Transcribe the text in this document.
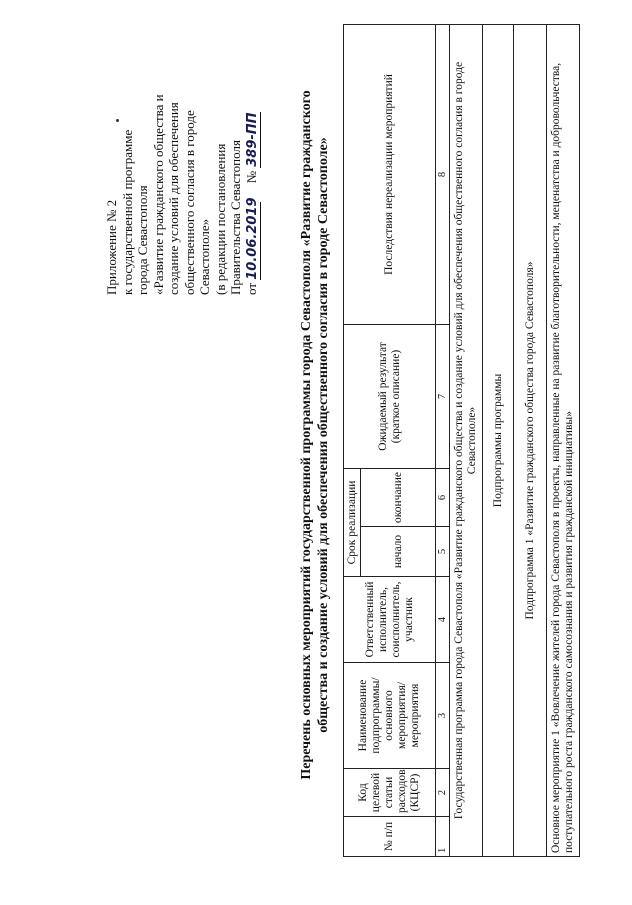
Приложение № 2 к государственной программе города Севастополя «Развитие гражданского общества и создание условий для обеспечения общественного согласия в городе Севастополе» (в редакции постановления Правительства Севастополя от 10.06.2019  № 389-ПП	Перечень основных мероприятий государственной программы города Севастополя «Развитие гражданского общества и создание условий для обеспечения общественного согласия в городе Севастополе»
№ п/п	Код целевой статьи расходов (КЦСР)	Наименование подпрограммы/основного мероприятия/мероприятия	Ответственный исполнитель, соисполнитель, участник	Срок реализации		Ожидаемый результат (краткое описание)	Последствия нереализации мероприятий
				начало	окончание		
1	2	3	4	5	6	7	8
Государственная программа города Севастополя «Развитие гражданского общества и создание условий для обеспечения общественного согласия в городе Севастополе»							
Подпрограммы программы							
Подпрограмма 1 «Развитие гражданского общества города Севастополя»							
Основное мероприятие 1 «Вовлечение жителей города Севастополя в проекты, направленные на развитие благотворительности, меценатства и добровольчества, поступательного роста гражданского самосознания и развития гражданской инициативы»							
